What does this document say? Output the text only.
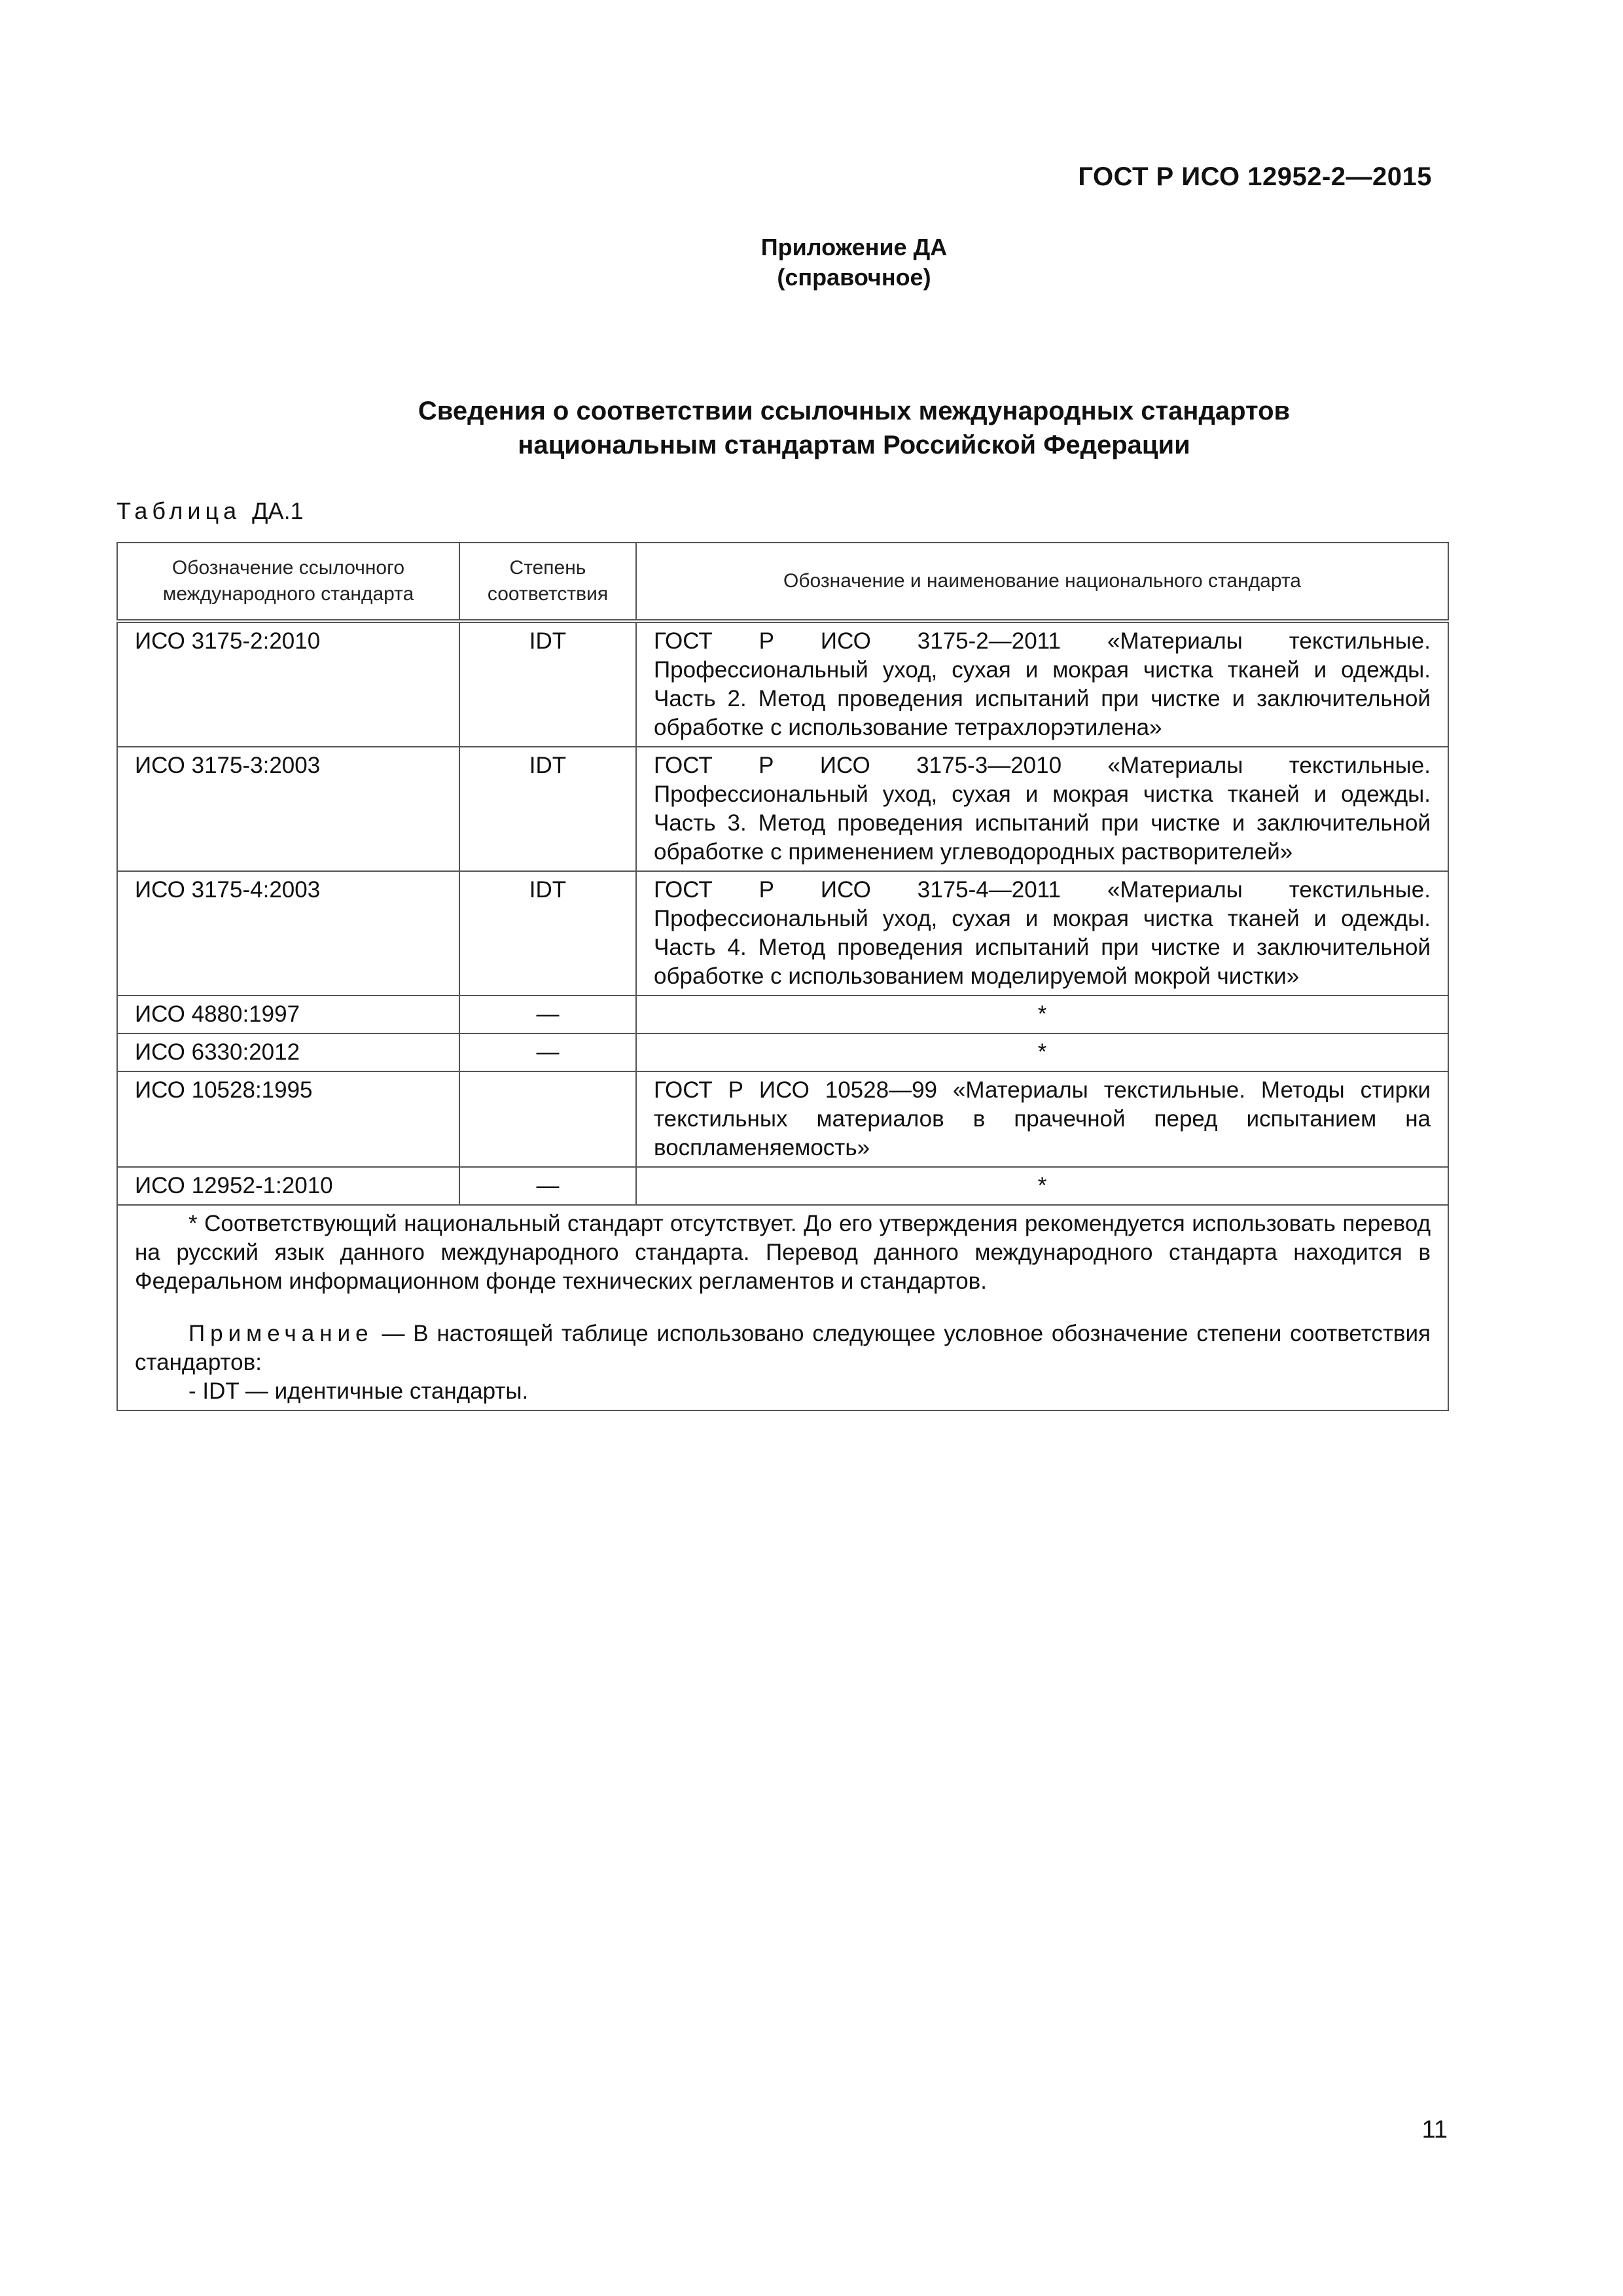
ГОСТ Р ИСО 12952-2—2015
Приложение ДА
(справочное)
Сведения о соответствии ссылочных международных стандартов
национальным стандартам Российской Федерации
Таблица ДА.1
Обозначение ссылочного международного стандарта	Степень соответствия	Обозначение и наименование национального стандарта
ИСО 3175-2:2010	IDT	ГОСТ Р ИСО 3175-2—2011 «Материалы текстильные. Профессиональный уход, сухая и мокрая чистка тканей и одежды. Часть 2. Метод проведения испытаний при чистке и заключительной обработке с использование тетрахлорэтилена»
ИСО 3175-3:2003	IDT	ГОСТ Р ИСО 3175-3—2010 «Материалы текстильные. Профессиональный уход, сухая и мокрая чистка тканей и одежды. Часть 3. Метод проведения испытаний при чистке и заключительной обработке с применением углеводородных растворителей»
ИСО 3175-4:2003	IDT	ГОСТ Р ИСО 3175-4—2011 «Материалы текстильные. Профессиональный уход, сухая и мокрая чистка тканей и одежды. Часть 4. Метод проведения испытаний при чистке и заключительной обработке с использованием моделируемой мокрой чистки»
ИСО 4880:1997	—	*
ИСО 6330:2012	—	*
ИСО 10528:1995		ГОСТ Р ИСО 10528—99 «Материалы текстильные. Методы стирки текстильных материалов в прачечной перед испытанием на воспламеняемость»
ИСО 12952-1:2010	—	*

* Соответствующий национальный стандарт отсутствует. До его утверждения рекомендуется использовать перевод на русский язык данного международного стандарта. Перевод данного международного стандарта находится в Федеральном информационном фонде технических регламентов и стандартов.

Примечание — В настоящей таблице использовано следующее условное обозначение степени соответствия стандартов:

- IDT — идентичные стандарты.		

11
